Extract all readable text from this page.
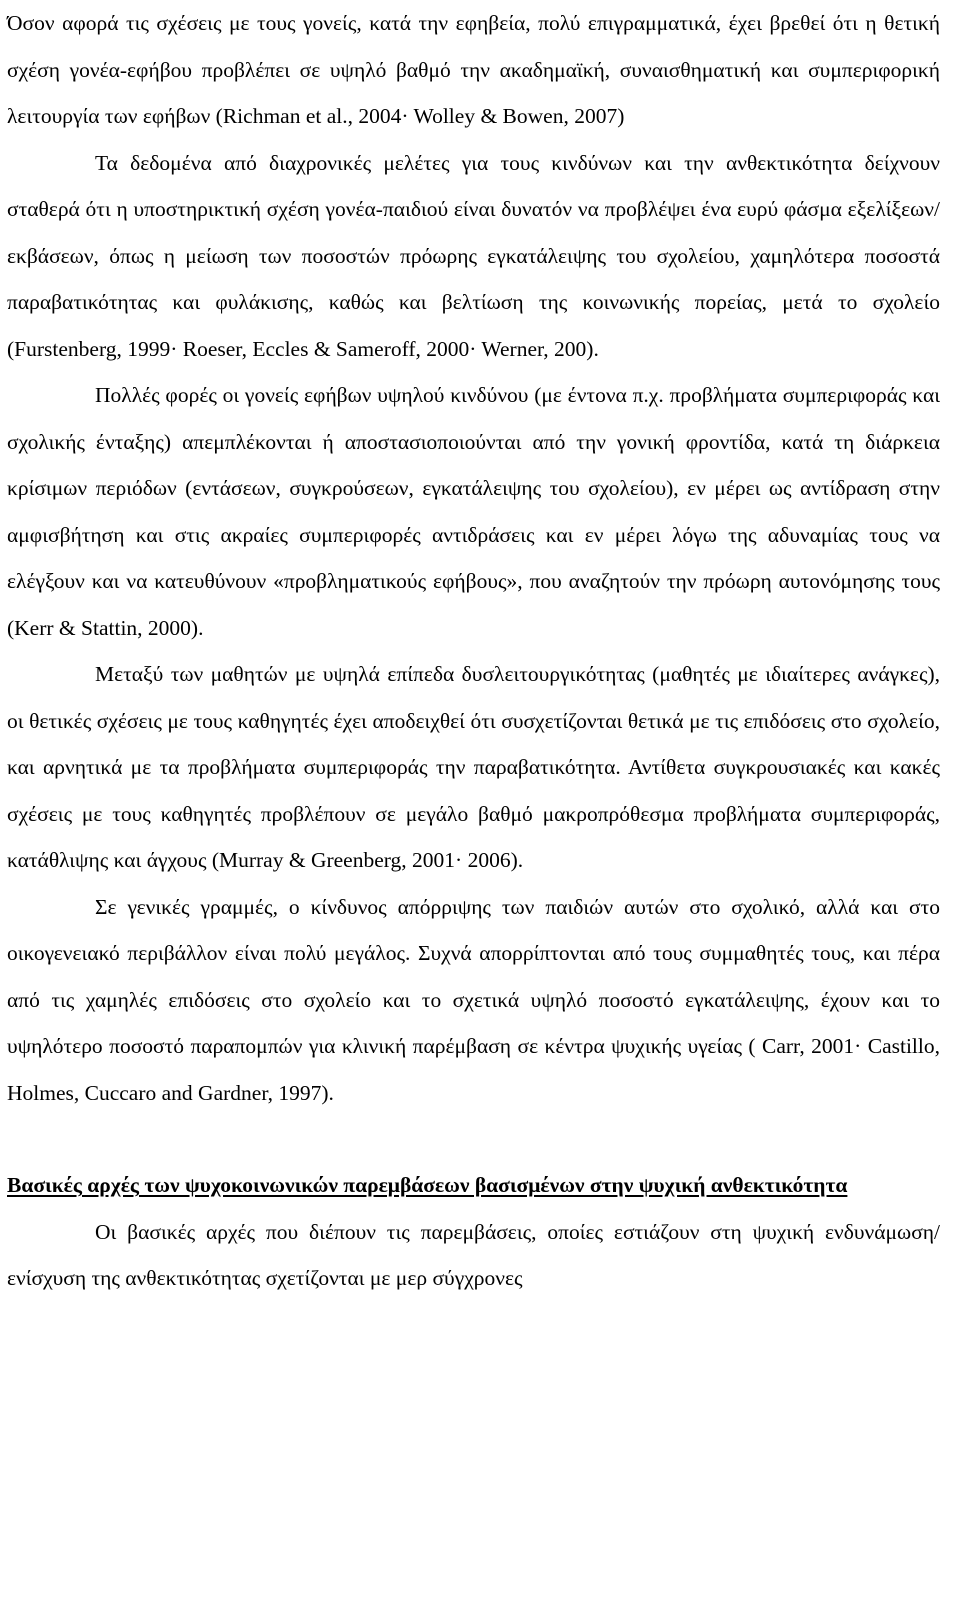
Όσον αφορά τις σχέσεις με τους γονείς, κατά την εφηβεία, πολύ επιγραμματικά, έχει βρεθεί ότι η θετική σχέση γονέα-εφήβου προβλέπει σε υψηλό βαθμό την ακαδημαϊκή, συναισθηματική και συμπεριφορική λειτουργία των εφήβων (Richman et al., 2004· Wolley & Bowen, 2007)

Τα δεδομένα από διαχρονικές μελέτες για τους κινδύνων και την ανθεκτικότητα δείχνουν σταθερά ότι η υποστηρικτική σχέση γονέα-παιδιού είναι δυνατόν να προβλέψει ένα ευρύ φάσμα εξελίξεων/εκβάσεων, όπως η μείωση των ποσοστών πρόωρης εγκατάλειψης του σχολείου, χαμηλότερα ποσοστά παραβατικότητας και φυλάκισης, καθώς και βελτίωση της κοινωνικής πορείας, μετά το σχολείο (Furstenberg, 1999· Roeser, Eccles & Sameroff, 2000· Werner, 200).

Πολλές φορές οι γονείς εφήβων υψηλού κινδύνου (με έντονα π.χ. προβλήματα συμπεριφοράς και σχολικής ένταξης) απεμπλέκονται ή αποστασιοποιούνται από την γονική φροντίδα, κατά τη διάρκεια κρίσιμων περιόδων (εντάσεων, συγκρούσεων, εγκατάλειψης του σχολείου), εν μέρει ως αντίδραση στην αμφισβήτηση και στις ακραίες συμπεριφορές αντιδράσεις και εν μέρει λόγω της αδυναμίας τους να ελέγξουν και να κατευθύνουν «προβληματικούς εφήβους», που αναζητούν την πρόωρη αυτονόμησης τους (Kerr & Stattin, 2000).

Μεταξύ των μαθητών με υψηλά επίπεδα δυσλειτουργικότητας (μαθητές με ιδιαίτερες ανάγκες), οι θετικές σχέσεις με τους καθηγητές έχει αποδειχθεί ότι συσχετίζονται θετικά με τις επιδόσεις στο σχολείο, και αρνητικά με τα προβλήματα συμπεριφοράς την παραβατικότητα. Αντίθετα συγκρουσιακές και κακές σχέσεις με τους καθηγητές προβλέπουν σε μεγάλο βαθμό μακροπρόθεσμα προβλήματα συμπεριφοράς, κατάθλιψης και άγχους (Murray & Greenberg, 2001· 2006).

Σε γενικές γραμμές, ο κίνδυνος απόρριψης των παιδιών αυτών στο σχολικό, αλλά και στο οικογενειακό περιβάλλον είναι πολύ μεγάλος. Συχνά απορρίπτονται από τους συμμαθητές τους, και πέρα από τις χαμηλές επιδόσεις στο σχολείο και το σχετικά υψηλό ποσοστό εγκατάλειψης, έχουν και το υψηλότερο ποσοστό παραπομπών για κλινική παρέμβαση σε κέντρα ψυχικής υγείας ( Carr, 2001· Castillo, Holmes, Cuccaro and Gardner, 1997).

Βασικές αρχές των ψυχοκοινωνικών παρεμβάσεων βασισμένων στην ψυχική ανθεκτικότητα

Οι βασικές αρχές που διέπουν τις παρεμβάσεις, οποίες εστιάζουν στη ψυχική ενδυνάμωση/ενίσχυση της ανθεκτικότητας σχετίζονται με μερ σύγχρονες
